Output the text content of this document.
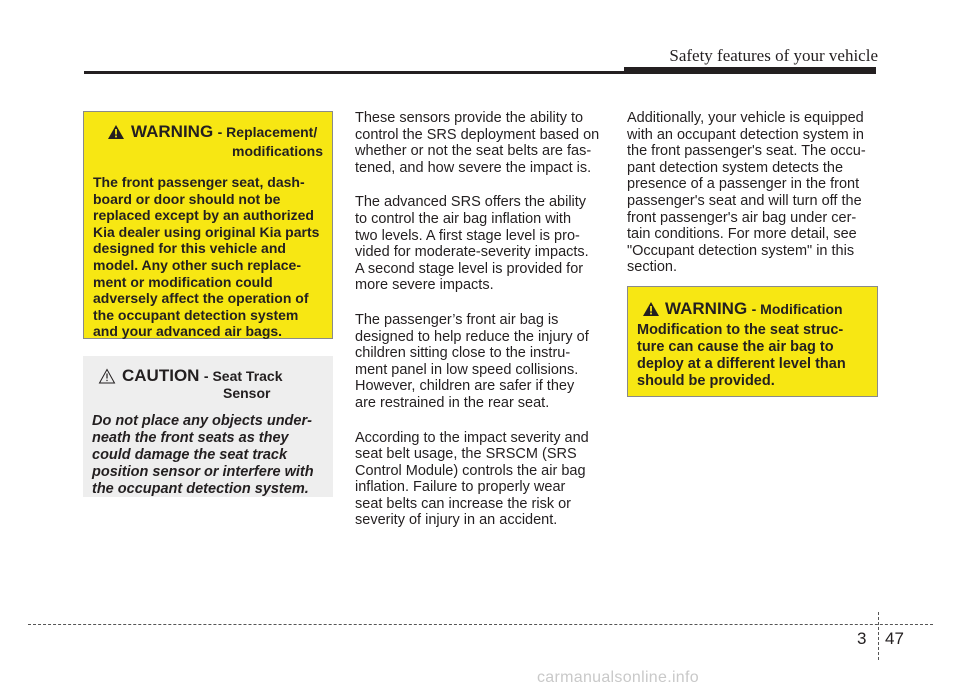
Safety features of your vehicle
WARNING - Replacement/
modifications
The front passenger seat, dash-
board or door should not be
replaced except by an authorized
Kia dealer using original Kia parts
designed for this vehicle and
model. Any other such replace-
ment or modification could
adversely affect the operation of
the occupant detection system
and your advanced air bags.
CAUTION - Seat Track
Sensor
Do not place any objects under-
neath the front seats as they
could damage the seat track
position sensor or interfere with
the occupant detection system.

These sensors provide the ability to
control the SRS deployment based on
whether or not the seat belts are fas-
tened, and how severe the impact is.

The advanced SRS offers the ability
to control the air bag inflation with
two levels. A first stage level is pro-
vided for moderate-severity impacts.
A second stage level is provided for
more severe impacts.

The passenger’s front air bag is
designed to help reduce the injury of
children sitting close to the instru-
ment panel in low speed collisions.
However, children are safer if they
are restrained in the rear seat.

According to the impact severity and
seat belt usage, the SRSCM (SRS
Control Module) controls the air bag
inflation. Failure to properly wear
seat belts can increase the risk or
severity of injury in an accident.

Additionally, your vehicle is equipped
with an occupant detection system in
the front passenger's seat. The occu-
pant detection system detects the
presence of a passenger in the front
passenger's seat and will turn off the
front passenger's air bag under cer-
tain conditions. For more detail, see
"Occupant detection system" in this
section.

WARNING - Modification
Modification to the seat struc-
ture can cause the air bag to
deploy at a different level than
should be provided.
3 47
carmanualsonline.info
